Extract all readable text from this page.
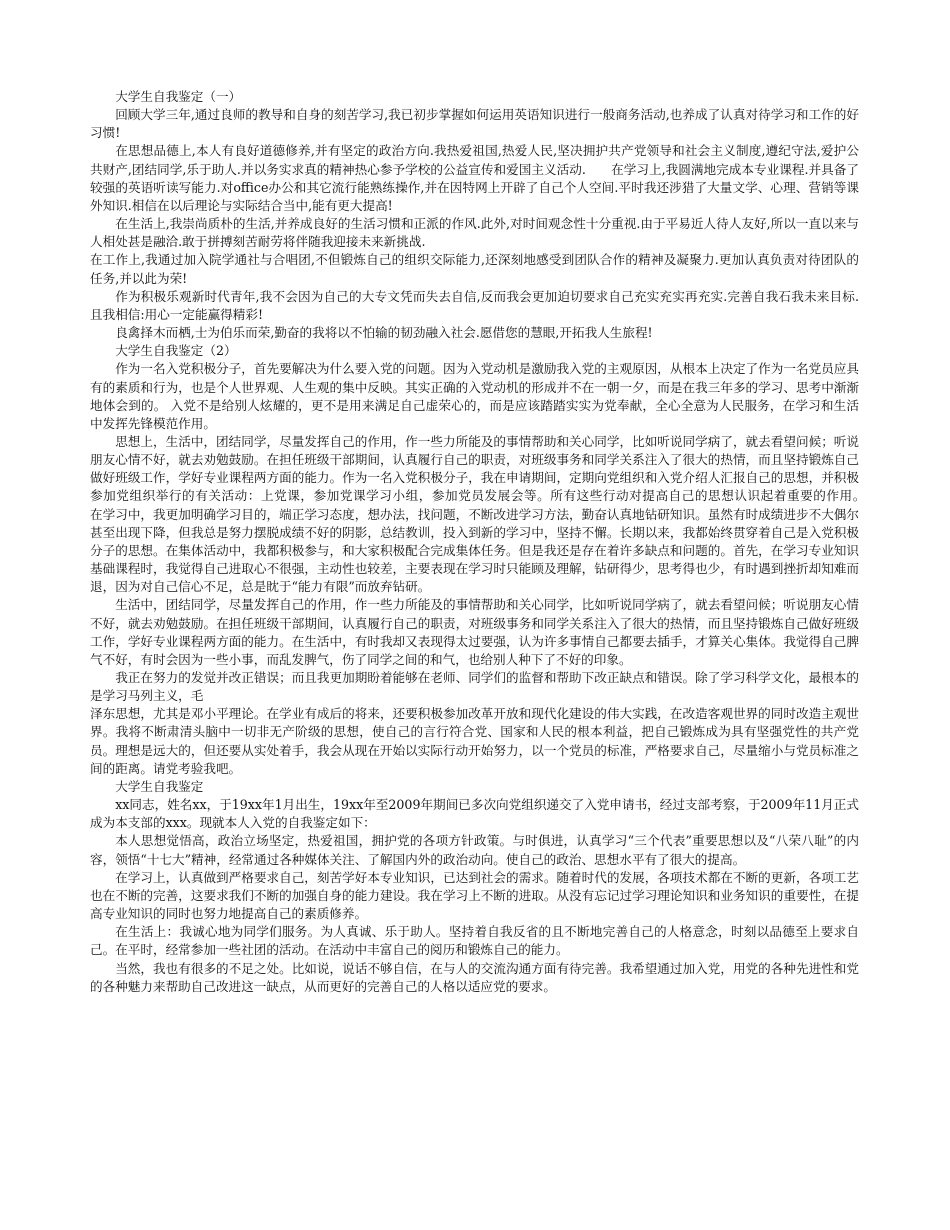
大学生自我鉴定（一）

回顾大学三年,通过良师的教导和自身的刻苦学习,我已初步掌握如何运用英语知识进行一般商务活动,也养成了认真对待学习和工作的好习惯!

在思想品德上,本人有良好道德修养,并有坚定的政治方向.我热爱祖国,热爱人民,坚决拥护共产党领导和社会主义制度,遵纪守法,爱护公共财产,团结同学,乐于助人.并以务实求真的精神热心参予学校的公益宣传和爱国主义活动.　　在学习上,我圆满地完成本专业课程.并具备了较强的英语听读写能力.对office办公和其它流行能熟练操作,并在因特网上开辟了自己个人空间.平时我还涉猎了大量文学、心理、营销等课外知识.相信在以后理论与实际结合当中,能有更大提高!

在生活上,我崇尚质朴的生活,并养成良好的生活习惯和正派的作风.此外,对时间观念性十分重视.由于平易近人待人友好,所以一直以来与人相处甚是融洽.敢于拼搏刻苦耐劳将伴随我迎接未来新挑战.

在工作上,我通过加入院学通社与合唱团,不但锻炼自己的组织交际能力,还深刻地感受到团队合作的精神及凝聚力.更加认真负责对待团队的任务,并以此为荣!

作为积极乐观新时代青年,我不会因为自己的大专文凭而失去自信,反而我会更加迫切要求自己充实充实再充实.完善自我石我未来目标.且我相信:用心一定能赢得精彩!

良禽择木而栖,士为伯乐而荣,勤奋的我将以不怕输的韧劲融入社会.愿借您的慧眼,开拓我人生旅程!

大学生自我鉴定（2）

作为一名入党积极分子，首先要解决为什么要入党的问题。因为入党动机是激励我入党的主观原因，从根本上决定了作为一名党员应具有的素质和行为，也是个人世界观、人生观的集中反映。其实正确的入党动机的形成并不在一朝一夕，而是在我三年多的学习、思考中渐渐地体会到的。 入党不是给别人炫耀的，更不是用来满足自己虚荣心的，而是应该踏踏实实为党奉献，全心全意为人民服务，在学习和生活中发挥先锋模范作用。

思想上，生活中，团结同学，尽量发挥自己的作用，作一些力所能及的事情帮助和关心同学，比如听说同学病了，就去看望问候；听说朋友心情不好，就去劝勉鼓励。在担任班级干部期间，认真履行自己的职责，对班级事务和同学关系注入了很大的热情，而且坚持锻炼自己做好班级工作，学好专业课程两方面的能力。作为一名入党积极分子，我在申请期间，定期向党组织和入党介绍人汇报自己的思想，并积极参加党组织举行的有关活动：上党课，参加党课学习小组，参加党员发展会等。所有这些行动对提高自己的思想认识起着重要的作用。　　在学习中，我更加明确学习目的，端正学习态度，想办法，找问题，不断改进学习方法，勤奋认真地钻研知识。虽然有时成绩进步不大偶尔甚至出现下降，但我总是努力摆脱成绩不好的阴影，总结教训，投入到新的学习中，坚持不懈。长期以来，我都始终贯穿着自己是入党积极分子的思想。在集体活动中，我都积极参与，和大家积极配合完成集体任务。但是我还是存在着许多缺点和问题的。首先，在学习专业知识基础课程时，我觉得自己进取心不很强，主动性也较差，主要表现在学习时只能顾及理解，钻研得少，思考得也少，有时遇到挫折却知难而退，因为对自己信心不足，总是眈于“能力有限”而放弃钻研。

生活中，团结同学，尽量发挥自己的作用，作一些力所能及的事情帮助和关心同学，比如听说同学病了，就去看望问候；听说朋友心情不好，就去劝勉鼓励。在担任班级干部期间，认真履行自己的职责，对班级事务和同学关系注入了很大的热情，而且坚持锻炼自己做好班级工作，学好专业课程两方面的能力。在生活中，有时我却又表现得太过要强，认为许多事情自己都要去插手，才算关心集体。我觉得自己脾气不好，有时会因为一些小事，而乱发脾气，伤了同学之间的和气，也给别人种下了不好的印象。

我正在努力的发觉并改正错误；而且我更加期盼着能够在老师、同学们的监督和帮助下改正缺点和错误。除了学习科学文化，最根本的是学习马列主义，毛

泽东思想，尤其是邓小平理论。在学业有成后的将来，还要积极参加改革开放和现代化建设的伟大实践，在改造客观世界的同时改造主观世界。我将不断肃清头脑中一切非无产阶级的思想，使自己的言行符合党、国家和人民的根本利益，把自己锻炼成为具有坚强党性的共产党员。理想是远大的，但还要从实处着手，我会从现在开始以实际行动开始努力，以一个党员的标准，严格要求自己，尽量缩小与党员标准之间的距离。请党考验我吧。

大学生自我鉴定

xx同志，姓名xx，于19xx年1月出生，19xx年至2009年期间已多次向党组织递交了入党申请书，经过支部考察，于2009年11月正式成为本支部的xxx。现就本人入党的自我鉴定如下：

本人思想觉悟高，政治立场坚定，热爱祖国，拥护党的各项方针政策。与时俱进，认真学习“三个代表”重要思想以及“八荣八耻”的内容，领悟“十七大”精神，经常通过各种媒体关注、了解国内外的政治动向。使自己的政治、思想水平有了很大的提高。

在学习上，认真做到严格要求自己，刻苦学好本专业知识，已达到社会的需求。随着时代的发展，各项技术都在不断的更新，各项工艺也在不断的完善，这要求我们不断的加强自身的能力建设。我在学习上不断的进取。从没有忘记过学习理论知识和业务知识的重要性，在提高专业知识的同时也努力地提高自己的素质修养。

在生活上：我诚心地为同学们服务。为人真诚、乐于助人。坚持着自我反省的且不断地完善自己的人格意念，时刻以品德至上要求自己。在平时，经常参加一些社团的活动。在活动中丰富自己的阅历和锻炼自己的能力。

当然，我也有很多的不足之处。比如说，说话不够自信，在与人的交流沟通方面有待完善。我希望通过加入党，用党的各种先进性和党的各种魅力来帮助自己改进这一缺点，从而更好的完善自己的人格以适应党的要求。
